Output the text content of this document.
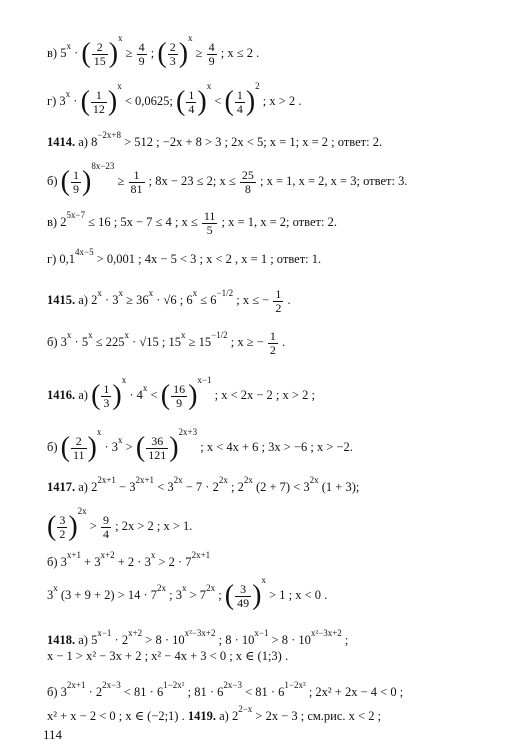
в) $5^x$ · ( $\frac{2}{15} )^x \ge \frac{4}{9}$ ; ( $\frac{2}{3} )^x \ge \frac{4}{9}$ ; x ≤ 2 .
г) $3^x$ · ( $\frac{1}{12} )^x < 0,0625$; ( $\frac{1}{4} )^x$ < ( $\frac{1}{4} )^2$ ; x > 2 .
1414. а) $8^{-2x+8} > 512$ ; −2x + 8 > 3 ; 2x < 5; x = 1; x = 2 ; ответ: 2.
б) ( $\frac{1}{9} )^{8x-23} \ge \frac{1}{81}$ ; 8x − 23 ≤ 2; $x \le \frac{25}{8}$ ; x = 1, x = 2, x = 3; ответ: 3.
в) $2^{5x-7} \le 16$ ; 5x − 7 ≤ 4 ; $x \le \frac{11}{5}$ ; x = 1, x = 2; ответ: 2.
г) $0,1^{4x-5} > 0,001$ ; 4x − 5 < 3 ; x < 2 , x = 1 ; ответ: 1.
1415. а) $2^x \cdot 3^x \ge 36^x \cdot √6$ ; $6^x \le 6^{-1/2}$ ; x ≤ − $\frac{1}{2}$ .
б) $3^x \cdot 5^x \le 225^x \cdot √15$ ; $15^x \ge 15^{-1/2}$ ; x ≥ − $\frac{1}{2}$ .
1416. а) ( $\frac{1}{3} )^x \cdot 4^x$ < ( $\frac{16}{9} )^{x-1}$ ; x < 2x − 2 ; x > 2 ;
б) ( $\frac{2}{11} )^x \cdot 3^x$ > ( $\frac{36}{121} )^{2x+3}$ ; x < 4x + 6 ; 3x > −6 ; x > −2.
1417. а) $2^{2x+1} - 3^{2x+1} < 3^{2x} - 7 \cdot 2^{2x}$ ; $2^{2x}$ $(2 + 7) < 3^{2x}$ (1 + 3);
( $\frac{3}{2} )^{2x} > \frac{9}{4}$ ; 2x > 2 ; x > 1.
б) $3^{x+1} + 3^{x+2} + 2 \cdot 3^x > 2 \cdot 7^{2x+1}$
3$^x$ $(3 + 9 + 2) > 14 \cdot 7^{2x}$ ; $3^x > 7^{2x}$ ; ( $\frac{3}{49} )^x > 1$ ; x < 0 .
1418. а) $5^{x-1} \cdot 2^{x+2} > 8 \cdot 10^{x^2-3x+2}$ ; $8 \cdot 10^{x-1} > 8 \cdot 10^{x^2-3x+2}$ ;
x − 1 > x² − 3x + 2 ; x² − 4x + 3 < 0 ; x ∈ (1;3) .
б) $3^{2x+1} \cdot 2^{2x-3} < 81 \cdot 6^{1-2x^2}$ ; $81 \cdot 6^{2x-3} < 81 \cdot 6^{1-2x^2}$ ; 2x² + 2x − 4 < 0 ;
x² + x − 2 < 0 ; x ∈ (−2;1) . 1419. а) $2^{2-x} > 2x - 3$ ; см.рис. x < 2 ;
114
